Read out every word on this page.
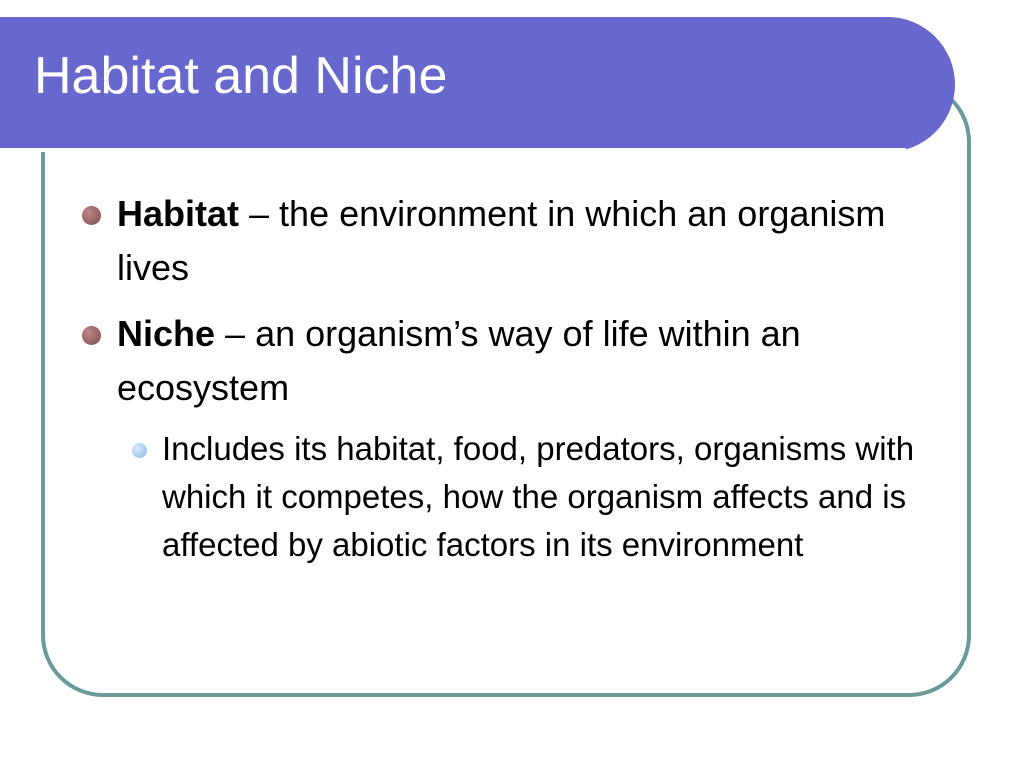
Habitat and Niche
Habitat – the environment in which an organism lives
Niche – an organism’s way of life within an ecosystem
Includes its habitat, food, predators, organisms with which it competes, how the organism affects and is affected by abiotic factors in its environment
